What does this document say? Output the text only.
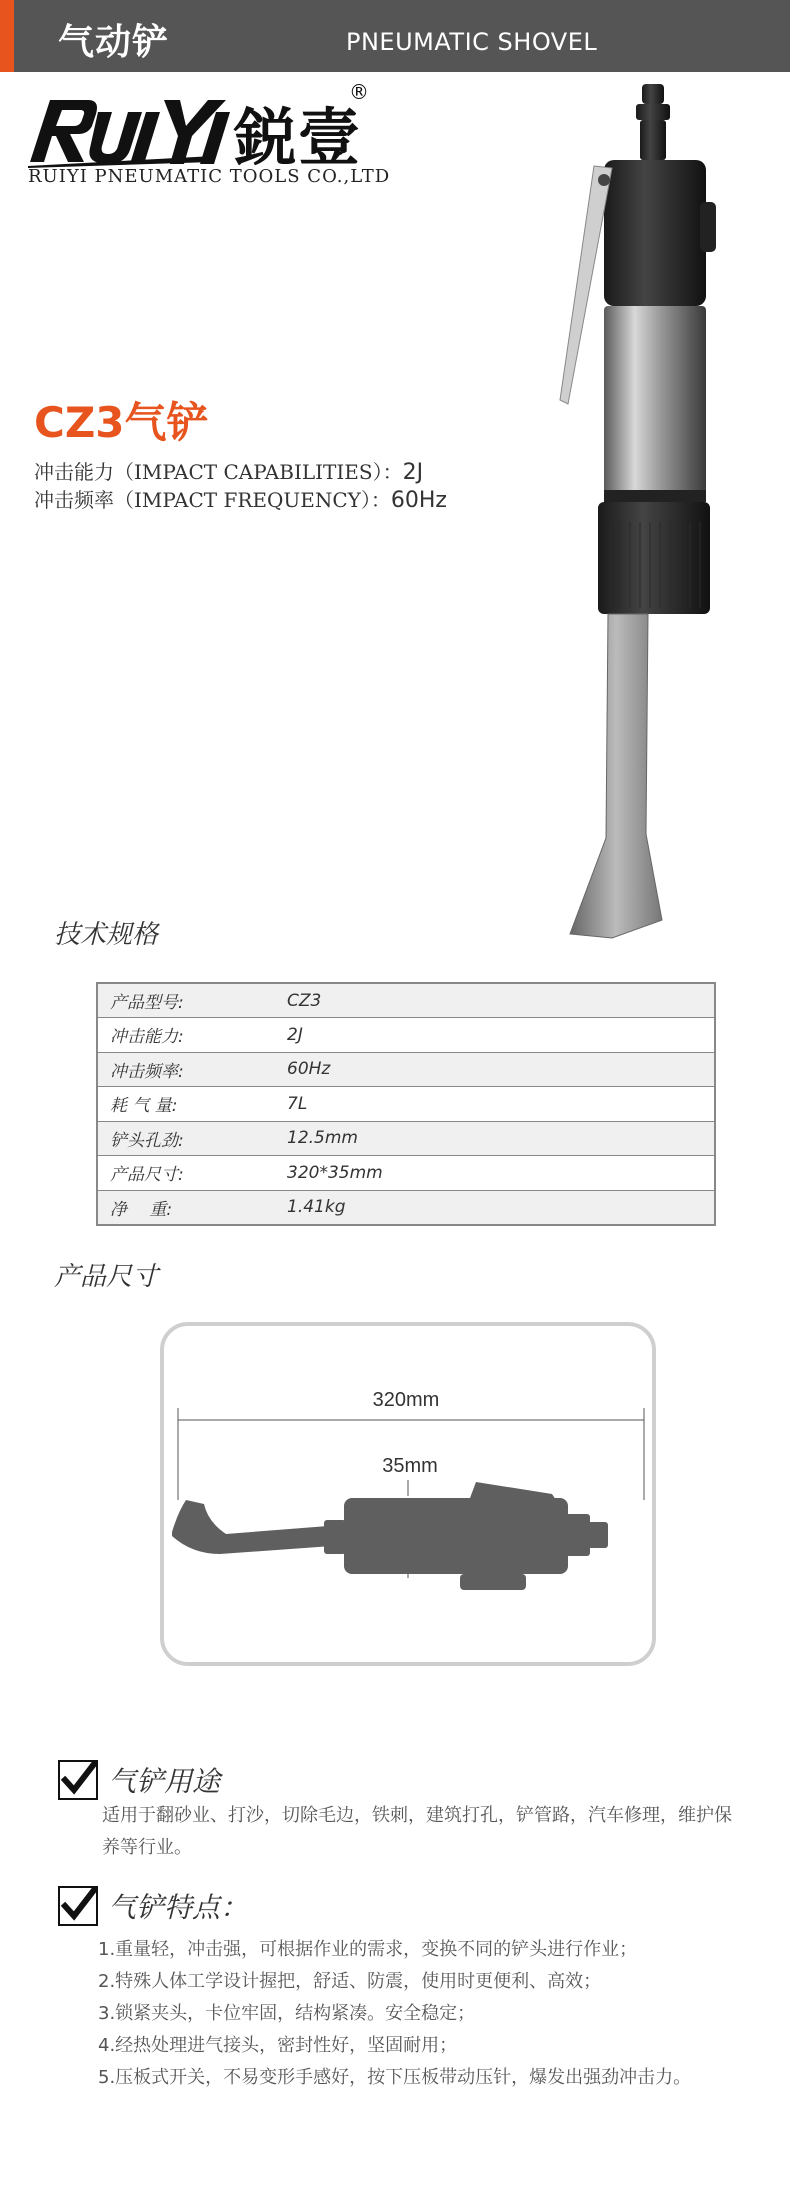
气动铲	PNEUMATIC SHOVEL
鋭壹
®
RUIYI PNEUMATIC TOOLS CO.,LTD
CZ3气铲
冲击能力（IMPACT CAPABILITIES）：2J
冲击频率（IMPACT FREQUENCY）：60Hz
技术规格
产品型号:	CZ3
冲击能力:	2J
冲击频率:	60Hz
耗 气 量:	7L
铲头孔劲:	12.5mm
产品尺寸:	320*35mm
净　 重:	1.41kg
产品尺寸
320mm
35mm
气铲用途
适用于翻砂业、打沙，切除毛边，铁刺，建筑打孔，铲管路，汽车修理，维护保养等行业。
气铲特点：
1.重量轻，冲击强，可根据作业的需求，变换不同的铲头进行作业；
2.特殊人体工学设计握把，舒适、防震，使用时更便利、高效；
3.锁紧夹头，卡位牢固，结构紧凑。安全稳定；
4.经热处理进气接头，密封性好，坚固耐用；
5.压板式开关，不易变形手感好，按下压板带动压针，爆发出强劲冲击力。
